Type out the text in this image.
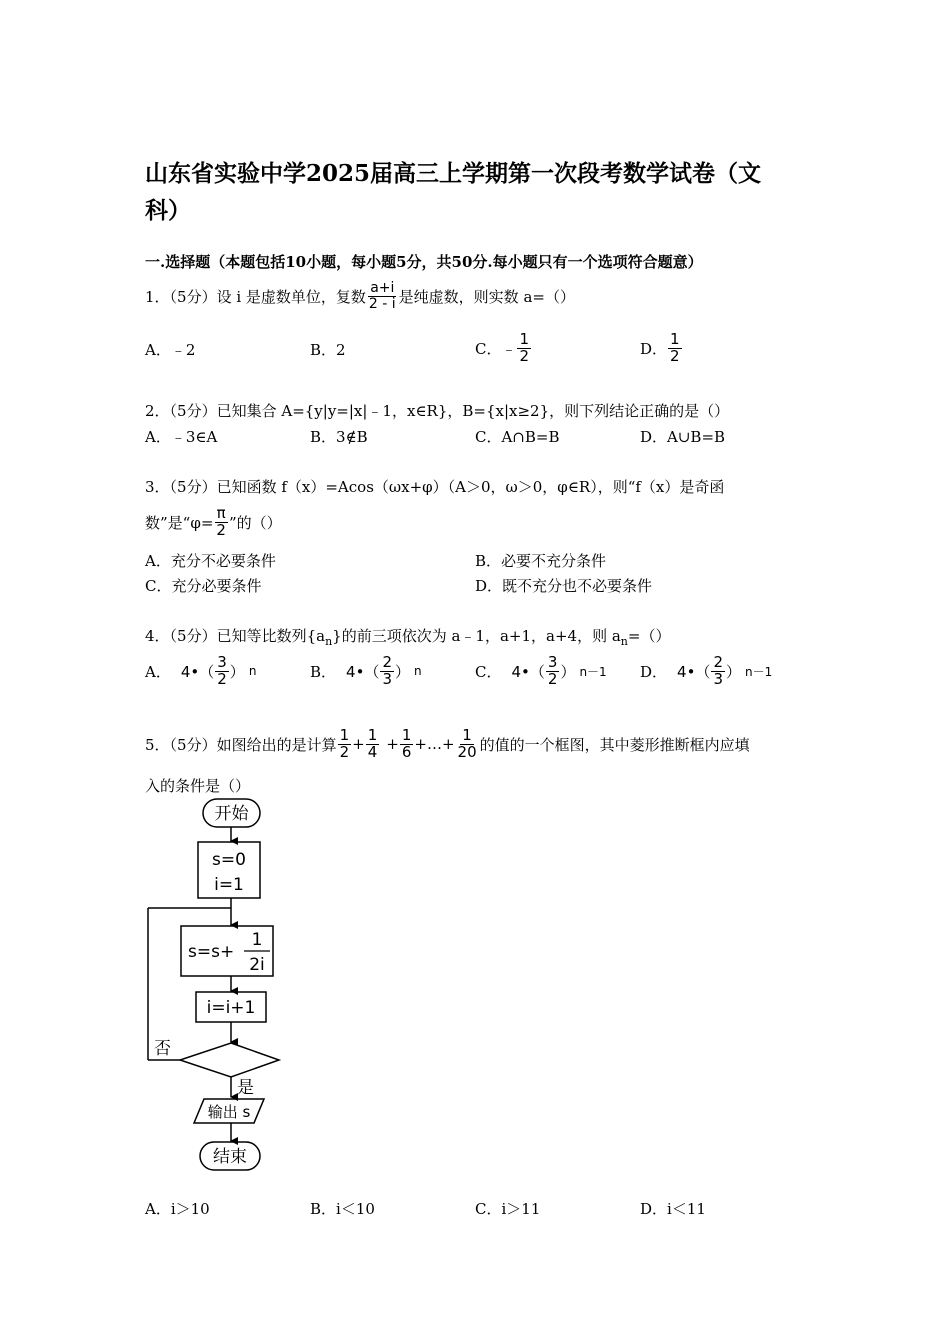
山东省实验中学2025届高三上学期第一次段考数学试卷（文
科）
一.选择题（本题包括10小题，每小题5分，共50分.每小题只有一个选项符合题意）
1．（5分）设 i 是虚数单位，复数 $\frac{a+i}{2 - i}$ 是纯虚数，则实数 a=（）
A．﹣2	B．2	C．﹣ $\frac{1}{2}$	D． $\frac{1}{2}$
2．（5分）已知集合 A={y|y=|x|﹣1，x∈R}，B={x|x≥2}，则下列结论正确的是（）
A．﹣3∈A	B．3∉B	C．A∩B=B	D．A∪B=B
3．（5分）已知函数 f（x）=Acos（ωx+φ）（A＞0，ω＞0，φ∈R），则“f（x）是奇函
数”是“$\varphi= \frac{\pi}{2}$ ”的（）
A．充分不必要条件	B．必要不充分条件
C．充分必要条件	D．既不充分也不必要条件
4．（5分）已知等比数列$\{a_n\}$的前三项依次为 a﹣1，a+1，a+4，则 $a_n=()$
A． 4•（ $\frac{3}{2}$ ） n	B． 4•（ $\frac{2}{3}$ ） n	C． 4•（ $\frac{3}{2}$ ） n－1 D． 4•（ $\frac{2}{3}$ ） n－1
5．（5分）如图给出的是计算 $\frac{1}{2} + \frac{1}{4} + \frac{1}{6}$ +…+ $\frac{1}{20}$ 的值的一个框图，其中菱形推断框内应填
入的条件是（）
开始
s=0
i=1
s=s+
1
2i
i=i+1
否
是
输出 s
结束
A．i＞10	B．i＜10	C．i＞11	D．i＜11
